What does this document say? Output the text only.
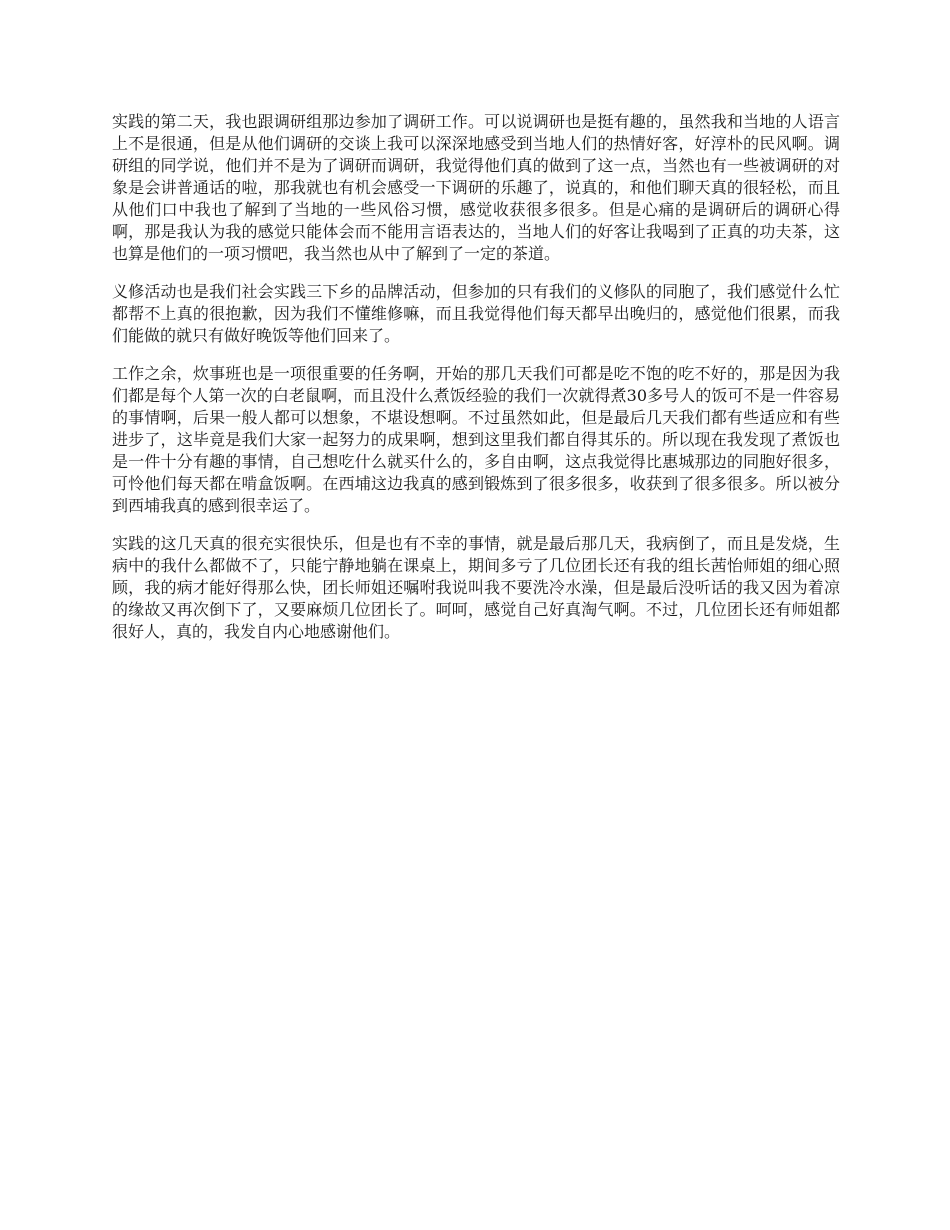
实践的第二天，我也跟调研组那边参加了调研工作。可以说调研也是挺有趣的，虽然我和当地的人语言上不是很通，但是从他们调研的交谈上我可以深深地感受到当地人们的热情好客，好淳朴的民风啊。调研组的同学说，他们并不是为了调研而调研，我觉得他们真的做到了这一点，当然也有一些被调研的对象是会讲普通话的啦，那我就也有机会感受一下调研的乐趣了，说真的，和他们聊天真的很轻松，而且从他们口中我也了解到了当地的一些风俗习惯，感觉收获很多很多。但是心痛的是调研后的调研心得啊，那是我认为我的感觉只能体会而不能用言语表达的，当地人们的好客让我喝到了正真的功夫茶，这也算是他们的一项习惯吧，我当然也从中了解到了一定的茶道。

义修活动也是我们社会实践三下乡的品牌活动，但参加的只有我们的义修队的同胞了，我们感觉什么忙都帮不上真的很抱歉，因为我们不懂维修嘛，而且我觉得他们每天都早出晚归的，感觉他们很累，而我们能做的就只有做好晚饭等他们回来了。

工作之余，炊事班也是一项很重要的任务啊，开始的那几天我们可都是吃不饱的吃不好的，那是因为我们都是每个人第一次的白老鼠啊，而且没什么煮饭经验的我们一次就得煮30多号人的饭可不是一件容易的事情啊，后果一般人都可以想象，不堪设想啊。不过虽然如此，但是最后几天我们都有些适应和有些进步了，这毕竟是我们大家一起努力的成果啊，想到这里我们都自得其乐的。所以现在我发现了煮饭也是一件十分有趣的事情，自己想吃什么就买什么的，多自由啊，这点我觉得比惠城那边的同胞好很多，可怜他们每天都在啃盒饭啊。在西埔这边我真的感到锻炼到了很多很多，收获到了很多很多。所以被分到西埔我真的感到很幸运了。

实践的这几天真的很充实很快乐，但是也有不幸的事情，就是最后那几天，我病倒了，而且是发烧，生病中的我什么都做不了，只能宁静地躺在课桌上，期间多亏了几位团长还有我的组长茜怡师姐的细心照顾，我的病才能好得那么快，团长师姐还嘱咐我说叫我不要洗冷水澡，但是最后没听话的我又因为着凉的缘故又再次倒下了，又要麻烦几位团长了。呵呵，感觉自己好真淘气啊。不过，几位团长还有师姐都很好人，真的，我发自内心地感谢他们。
